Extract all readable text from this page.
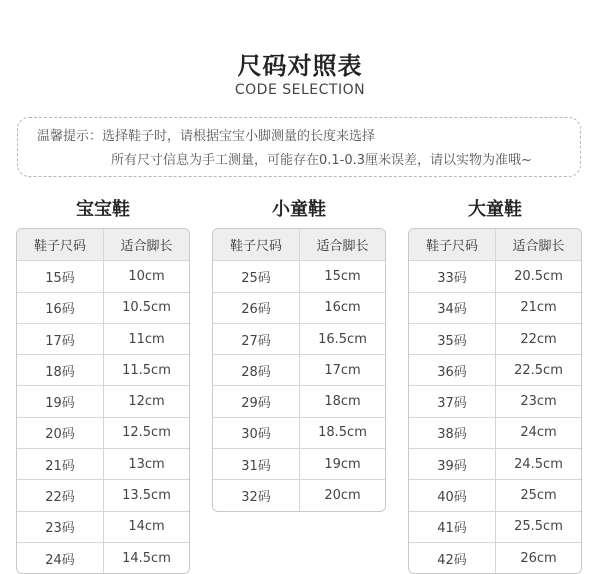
尺码对照表
CODE SELECTION
温馨提示：选择鞋子时，请根据宝宝小脚测量的长度来选择
所有尺寸信息为手工测量，可能存在0.1-0.3厘米误差，请以实物为准哦~
宝宝鞋
鞋子尺码	适合脚长
15码	10cm
16码	10.5cm
17码	11cm
18码	11.5cm
19码	12cm
20码	12.5cm
21码	13cm
22码	13.5cm
23码	14cm
24码	14.5cm
小童鞋
鞋子尺码	适合脚长
25码	15cm
26码	16cm
27码	16.5cm
28码	17cm
29码	18cm
30码	18.5cm
31码	19cm
32码	20cm
大童鞋
鞋子尺码	适合脚长
33码	20.5cm
34码	21cm
35码	22cm
36码	22.5cm
37码	23cm
38码	24cm
39码	24.5cm
40码	25cm
41码	25.5cm
42码	26cm
